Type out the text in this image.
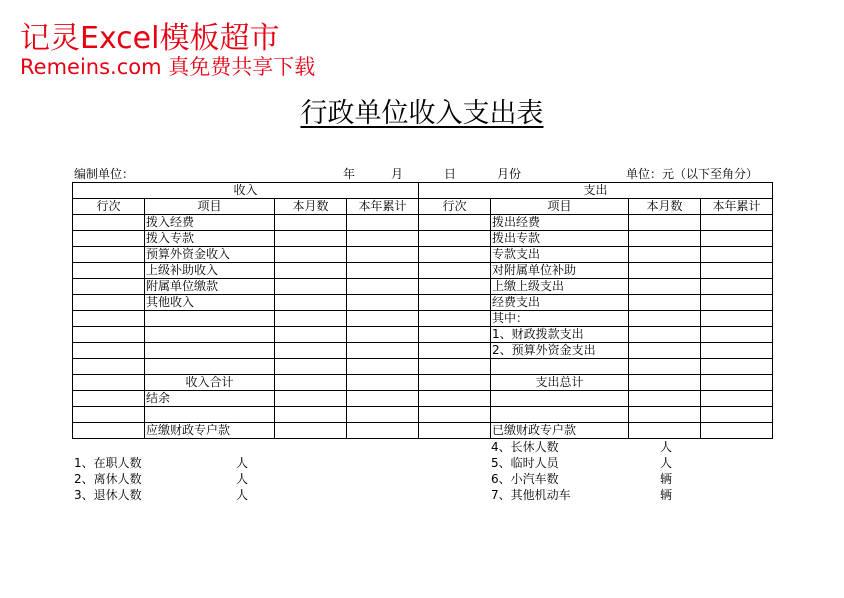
记灵Excel模板超市
Remeins.com 真免费共享下载
行政单位收入支出表
编制单位：	年	月	日	月份	单位：元（以下至角分）
收入				支出			
行次	项目	本月数	本年累计	行次	项目	本月数	本年累计
	拨入经费				拨出经费		
	拨入专款				拨出专款		
	预算外资金收入				专款支出		
	上级补助收入				对附属单位补助		
	附属单位缴款				上缴上级支出		
	其他收入				经费支出		
					其中：		
					1、财政拨款支出		
					2、预算外资金支出		

	收入合计				支出总计		
	结余						

	应缴财政专户款				已缴财政专户款		
1、在职人数	人
2、离休人数	人
3、退休人数	人
4、长休人数	人
5、临时人员	人
6、小汽车数	辆
7、其他机动车	辆
